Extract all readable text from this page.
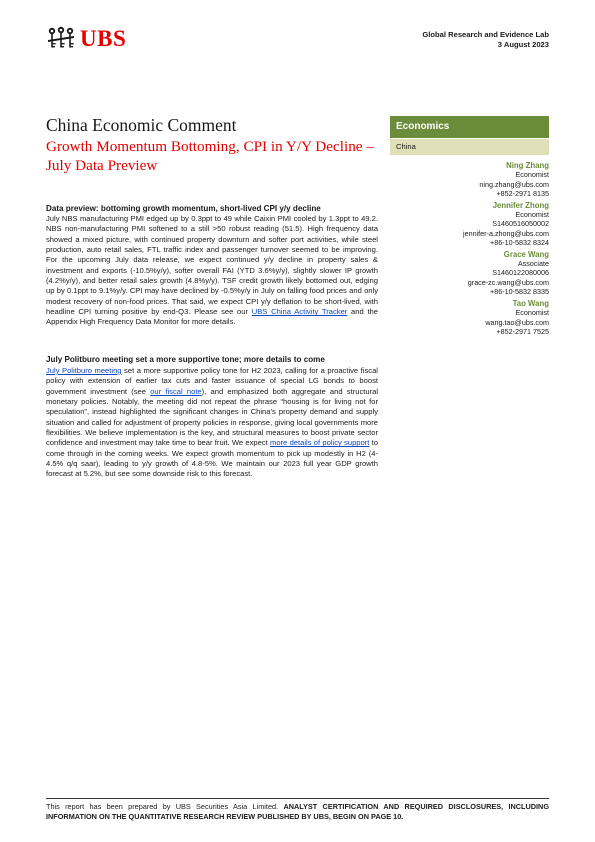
UBS	Global Research and Evidence Lab
3 August 2023
China Economic Comment
Growth Momentum Bottoming, CPI in Y/Y Decline – July Data Preview
Economics
China
Ning Zhang
Economist
ning.zhang@ubs.com
+852-2971 8135
Jennifer Zhong
Economist
S1460516050002
jennifer-a.zhong@ubs.com
+86-10-5832 8324
Grace Wang
Associate
S1460122080006
grace-zc.wang@ubs.com
+86-10-5832 8335
Tao Wang
Economist
wang.tao@ubs.com
+852-2971 7525
Data preview: bottoming growth momentum, short-lived CPI y/y decline
July NBS manufacturing PMI edged up by 0.3ppt to 49 while Caixin PMI cooled by 1.3ppt to 49.2. NBS non-manufacturing PMI softened to a still >50 robust reading (51.5). High frequency data showed a mixed picture, with continued property downturn and softer port activities, while steel production, auto retail sales, FTL traffic index and passenger turnover seemed to be improving. For the upcoming July data release, we expect continued y/y decline in property sales & investment and exports (-10.5%y/y), softer overall FAI (YTD 3.6%y/y), slightly slower IP growth (4.2%y/y), and better retail sales growth (4.8%y/y). TSF credit growth likely bottomed out, edging up by 0.1ppt to 9.1%y/y. CPI may have declined by -0.5%y/y in July on falling food prices and only modest recovery of non-food prices. That said, we expect CPI y/y deflation to be short-lived, with headline CPI turning positive by end-Q3. Please see our UBS China Activity Tracker and the Appendix High Frequency Data Monitor for more details.
July Politburo meeting set a more supportive tone; more details to come
July Politburo meeting set a more supportive policy tone for H2 2023, calling for a proactive fiscal policy with extension of earlier tax cuts and faster issuance of special LG bonds to boost government investment (see our fiscal note), and emphasized both aggregate and structural monetary policies. Notably, the meeting did not repeat the phrase “housing is for living not for speculation”, instead highlighted the significant changes in China’s property demand and supply situation and called for adjustment of property policies in response, giving local governments more flexibilities. We believe implementation is the key, and structural measures to boost private sector confidence and investment may take time to bear fruit. We expect more details of policy support to come through in the coming weeks. We expect growth momentum to pick up modestly in H2 (4-4.5% q/q saar), leading to y/y growth of 4.8-5%. We maintain our 2023 full year GDP growth forecast at 5.2%, but see some downside risk to this forecast.
This report has been prepared by UBS Securities Asia Limited. ANALYST CERTIFICATION AND REQUIRED DISCLOSURES, INCLUDING INFORMATION ON THE QUANTITATIVE RESEARCH REVIEW PUBLISHED BY UBS, BEGIN ON PAGE 10.
